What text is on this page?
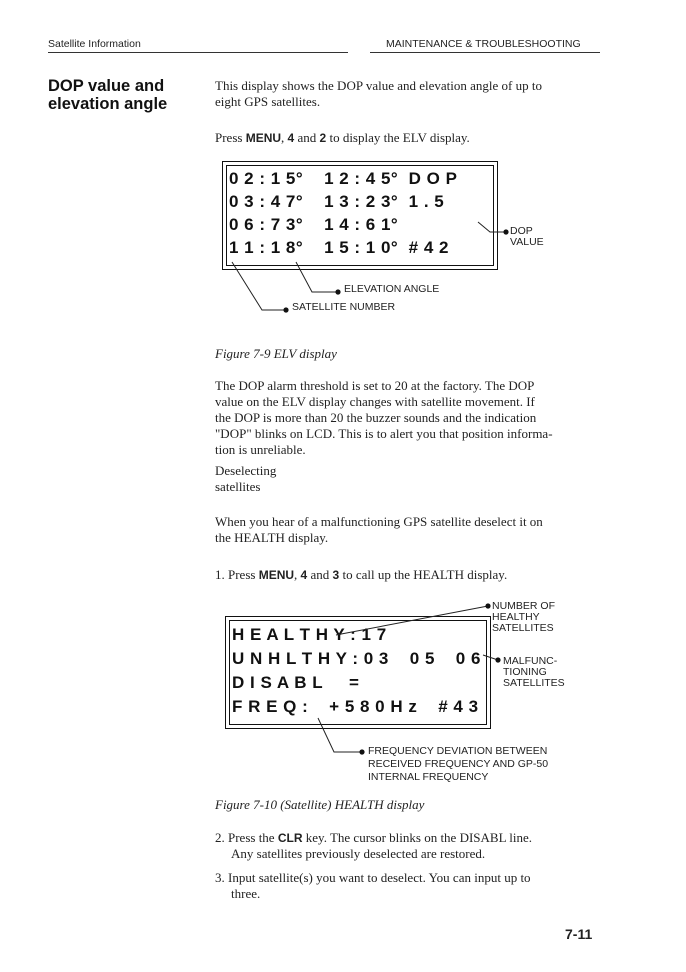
Satellite Information	MAINTENANCE & TROUBLESHOOTING
DOP value and
elevation angle
This display shows the DOP value and elevation angle of up to
eight GPS satellites.
Press MENU, 4 and 2 to display the ELV display.
0 2 : 1 5°    1 2 : 4 5°  D O P
0 3 : 4 7°    1 3 : 2 3°  1 . 5
0 6 : 7 3°    1 4 : 6 1°
1 1 : 1 8°    1 5 : 1 0°  # 4 2
DOP
VALUE
ELEVATION ANGLE
SATELLITE NUMBER
Figure 7-9 ELV display
The DOP alarm threshold is set to 20 at the factory. The DOP
value on the ELV display changes with satellite movement. If
the DOP is more than 20 the buzzer sounds and the indication
"DOP" blinks on LCD. This is to alert you that position informa-
tion is unreliable.
Deselecting
satellites
When you hear of a malfunctioning GPS satellite deselect it on
the HEALTH display.
1. Press MENU, 4 and 3 to call up the HEALTH display.
H E A L T H Y : 1 7
U N H L T H Y : 0 3    0 5    0 6
D I S A B L     =
F R E Q :    + 5 8 0 H z    # 4 3
NUMBER OF
HEALTHY
SATELLITES
MALFUNC-
TIONING
SATELLITES
FREQUENCY DEVIATION BETWEEN
RECEIVED FREQUENCY AND GP-50
INTERNAL FREQUENCY
Figure 7-10 (Satellite) HEALTH display
2. Press the CLR key. The cursor blinks on the DISABL line.
Any satellites previously deselected are restored.
3. Input satellite(s) you want to deselect. You can input up to
three.
7-11
